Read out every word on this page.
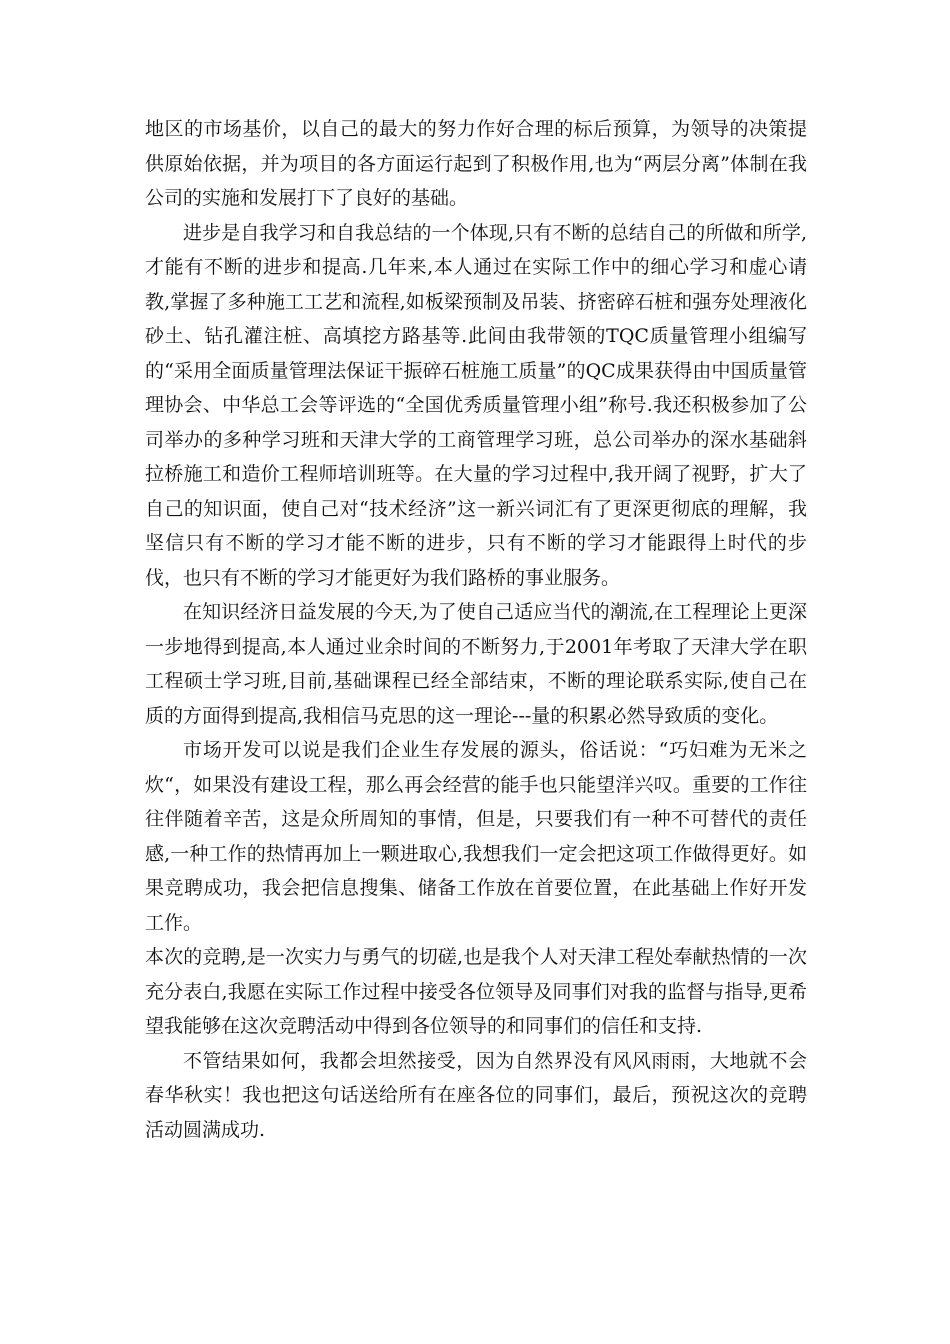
地区的市场基价，以自己的最大的努力作好合理的标后预算，为领导的决策提供原始依据，并为项目的各方面运行起到了积极作用,也为“两层分离”体制在我公司的实施和发展打下了良好的基础。

进步是自我学习和自我总结的一个体现,只有不断的总结自己的所做和所学,才能有不断的进步和提高.几年来,本人通过在实际工作中的细心学习和虚心请教,掌握了多种施工工艺和流程,如板梁预制及吊装、挤密碎石桩和强夯处理液化砂土、钻孔灌注桩、高填挖方路基等.此间由我带领的TQC质量管理小组编写的“采用全面质量管理法保证干振碎石桩施工质量”的QC成果获得由中国质量管理协会、中华总工会等评选的“全国优秀质量管理小组”称号.我还积极参加了公司举办的多种学习班和天津大学的工商管理学习班，总公司举办的深水基础斜拉桥施工和造价工程师培训班等。在大量的学习过程中,我开阔了视野，扩大了自己的知识面，使自己对“技术经济”这一新兴词汇有了更深更彻底的理解，我坚信只有不断的学习才能不断的进步，只有不断的学习才能跟得上时代的步伐，也只有不断的学习才能更好为我们路桥的事业服务。

在知识经济日益发展的今天,为了使自己适应当代的潮流,在工程理论上更深一步地得到提高,本人通过业余时间的不断努力,于2001年考取了天津大学在职工程硕士学习班,目前,基础课程已经全部结束，不断的理论联系实际,使自己在质的方面得到提高,我相信马克思的这一理论---量的积累必然导致质的变化。

市场开发可以说是我们企业生存发展的源头，俗话说：“巧妇难为无米之炊“，如果没有建设工程，那么再会经营的能手也只能望洋兴叹。重要的工作往往伴随着辛苦，这是众所周知的事情，但是，只要我们有一种不可替代的责任感,一种工作的热情再加上一颗进取心,我想我们一定会把这项工作做得更好。如果竞聘成功，我会把信息搜集、储备工作放在首要位置，在此基础上作好开发工作。

本次的竞聘,是一次实力与勇气的切磋,也是我个人对天津工程处奉献热情的一次充分表白,我愿在实际工作过程中接受各位领导及同事们对我的监督与指导,更希望我能够在这次竞聘活动中得到各位领导的和同事们的信任和支持.

不管结果如何，我都会坦然接受，因为自然界没有风风雨雨，大地就不会春华秋实！我也把这句话送给所有在座各位的同事们，最后，预祝这次的竞聘活动圆满成功.
